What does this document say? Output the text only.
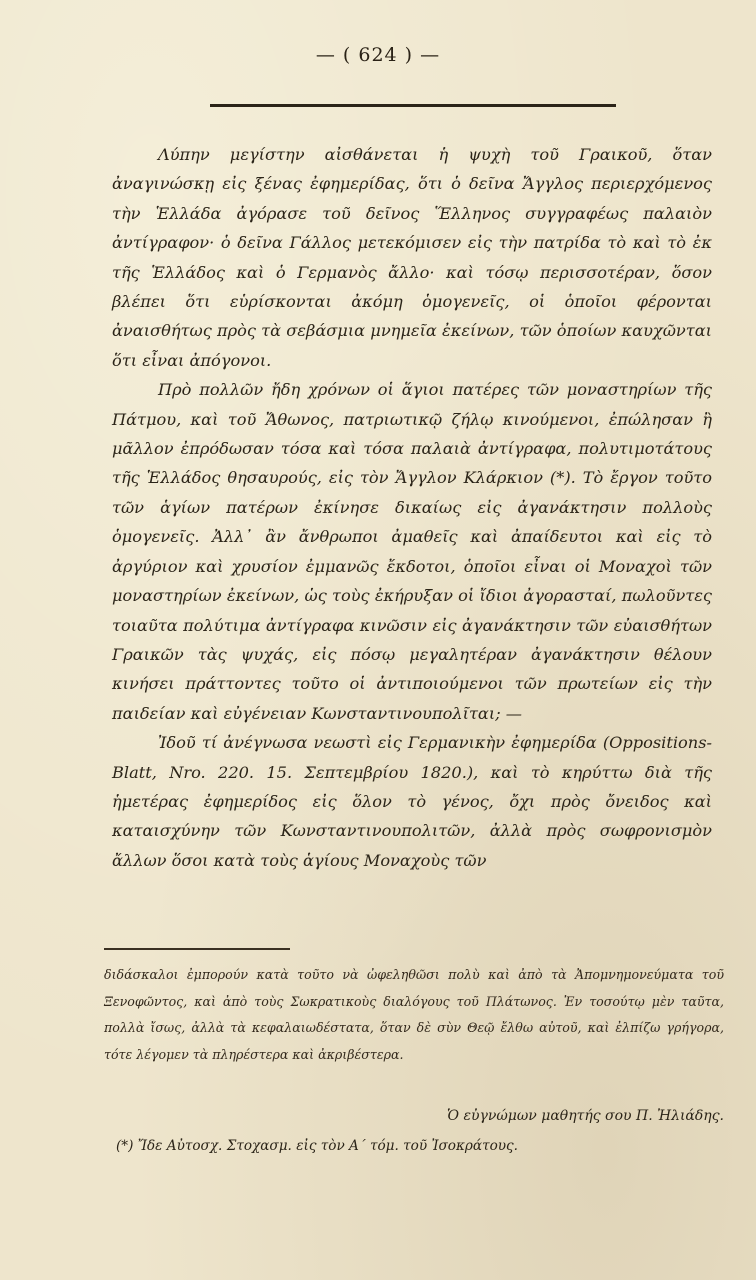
— ( 624 ) —

Λύπην μεγίστην αἰσθάνεται ἡ ψυχὴ τοῦ Γραικοῦ, ὅταν ἀναγινώσκῃ εἰς ξένας ἐφημερίδας, ὅτι ὁ δεῖνα Ἄγγλος περιερχόμενος τὴν Ἑλλάδα ἀγόρασε τοῦ δεῖνος Ἕλληνος συγγραφέως παλαιὸν ἀντίγραφον· ὁ δεῖνα Γάλλος μετεκόμισεν εἰς τὴν πατρίδα τὸ καὶ τὸ ἐκ τῆς Ἑλλάδος καὶ ὁ Γερμανὸς ἄλλο· καὶ τόσῳ περισσοτέραν, ὅσον βλέπει ὅτι εὑρίσκονται ἀκόμη ὁμογενεῖς, οἱ ὁποῖοι φέρονται ἀναισθήτως πρὸς τὰ σεβάσμια μνημεῖα ἐκείνων, τῶν ὁποίων καυχῶνται ὅτι εἶναι ἀπόγονοι.

Πρὸ πολλῶν ἤδη χρόνων οἱ ἅγιοι πατέρες τῶν μοναστηρίων τῆς Πάτμου, καὶ τοῦ Ἄθωνος, πατριωτικῷ ζήλῳ κινούμενοι, ἐπώλησαν ἢ μᾶλλον ἐπρόδωσαν τόσα καὶ τόσα παλαιὰ ἀντίγραφα, πολυτιμοτάτους τῆς Ἑλλάδος θησαυρούς, εἰς τὸν Ἄγγλον Κλάρκιον (*). Τὸ ἔργον τοῦτο τῶν ἁγίων πατέρων ἐκίνησε δικαίως εἰς ἀγανάκτησιν πολλοὺς ὁμογενεῖς. Ἀλλ᾽ ἂν ἄνθρωποι ἀμαθεῖς καὶ ἀπαίδευτοι καὶ εἰς τὸ ἀργύριον καὶ χρυσίον ἐμμανῶς ἔκδοτοι, ὁποῖοι εἶναι οἱ Μοναχοὶ τῶν μοναστηρίων ἐκείνων, ὡς τοὺς ἐκήρυξαν οἱ ἴδιοι ἀγορασταί, πωλοῦντες τοιαῦτα πολύτιμα ἀντίγραφα κινῶσιν εἰς ἀγανάκτησιν τῶν εὐαισθήτων Γραικῶν τὰς ψυχάς, εἰς πόσῳ μεγαλητέραν ἀγανάκτησιν θέλουν κινήσει πράττοντες τοῦτο οἱ ἀντιποιούμενοι τῶν πρωτείων εἰς τὴν παιδείαν καὶ εὐγένειαν Κωνσταντινουπολῖται; —

Ἰδοῦ τί ἀνέγνωσα νεωστὶ εἰς Γερμανικὴν ἐφημερίδα (Oppositions-Blatt, Nro. 220. 15. Σεπτεμβρίου 1820.), καὶ τὸ κηρύττω διὰ τῆς ἡμετέρας ἐφημερίδος εἰς ὅλον τὸ γένος, ὄχι πρὸς ὄνειδος καὶ καταισχύνην τῶν Κωνσταντινουπολιτῶν, ἀλλὰ πρὸς σωφρονισμὸν ἄλλων ὅσοι κατὰ τοὺς ἁγίους Μοναχοὺς τῶν

διδάσκαλοι ἐμπορούν κατὰ τοῦτο νὰ ὠφεληθῶσι πολὺ καὶ ἀπὸ τὰ Ἀπομνημονεύματα τοῦ Ξενοφῶντος, καὶ ἀπὸ τοὺς Σωκρατικοὺς διαλόγους τοῦ Πλάτωνος. Ἐν τοσούτῳ μὲν ταῦτα, πολλὰ ἴσως, ἀλλὰ τὰ κεφαλαιωδέστατα, ὅταν δὲ σὺν Θεῷ ἔλθω αὐτοῦ, καὶ ἐλπίζω γρήγορα, τότε λέγομεν τὰ πληρέστερα καὶ ἀκριβέστερα.

Ὁ εὐγνώμων μαθητής σου Π. Ἠλιάδης.
(*) Ἴδε Αὐτοσχ. Στοχασμ. εἰς τὸν Α´ τόμ. τοῦ Ἰσοκράτους.
